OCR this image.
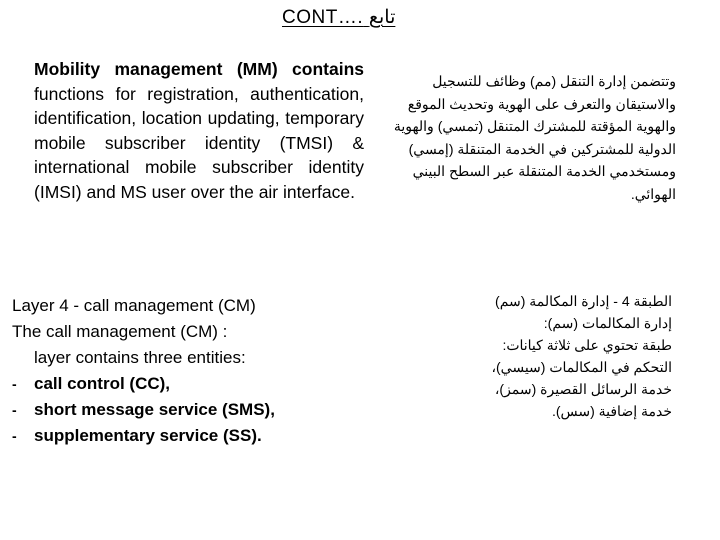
CONT…. تابع
Mobility management (MM) contains functions for registration, authentication, identification, location updating, temporary mobile subscriber identity (TMSI) & international mobile subscriber identity (IMSI) and MS user over the air interface.
وتتضمن إدارة التنقل (مم) وظائف للتسجيل
والاستيقان والتعرف على الهوية وتحديث الموقع
والهوية المؤقتة للمشترك المتنقل (تمسي) والهوية
الدولية للمشتركين في الخدمة المتنقلة (إمسي)
ومستخدمي الخدمة المتنقلة عبر السطح البيني الهوائي.
Layer 4 - call management (CM)
The call management (CM) :
layer contains three entities:
- call control (CC),
- short message service (SMS),
- supplementary service (SS).
الطبقة 4 - إدارة المكالمة (سم)
إدارة المكالمات (سم):
طبقة تحتوي على ثلاثة كيانات:
التحكم في المكالمات (سيسي)،
خدمة الرسائل القصيرة (سمز)،
خدمة إضافية (سس).
